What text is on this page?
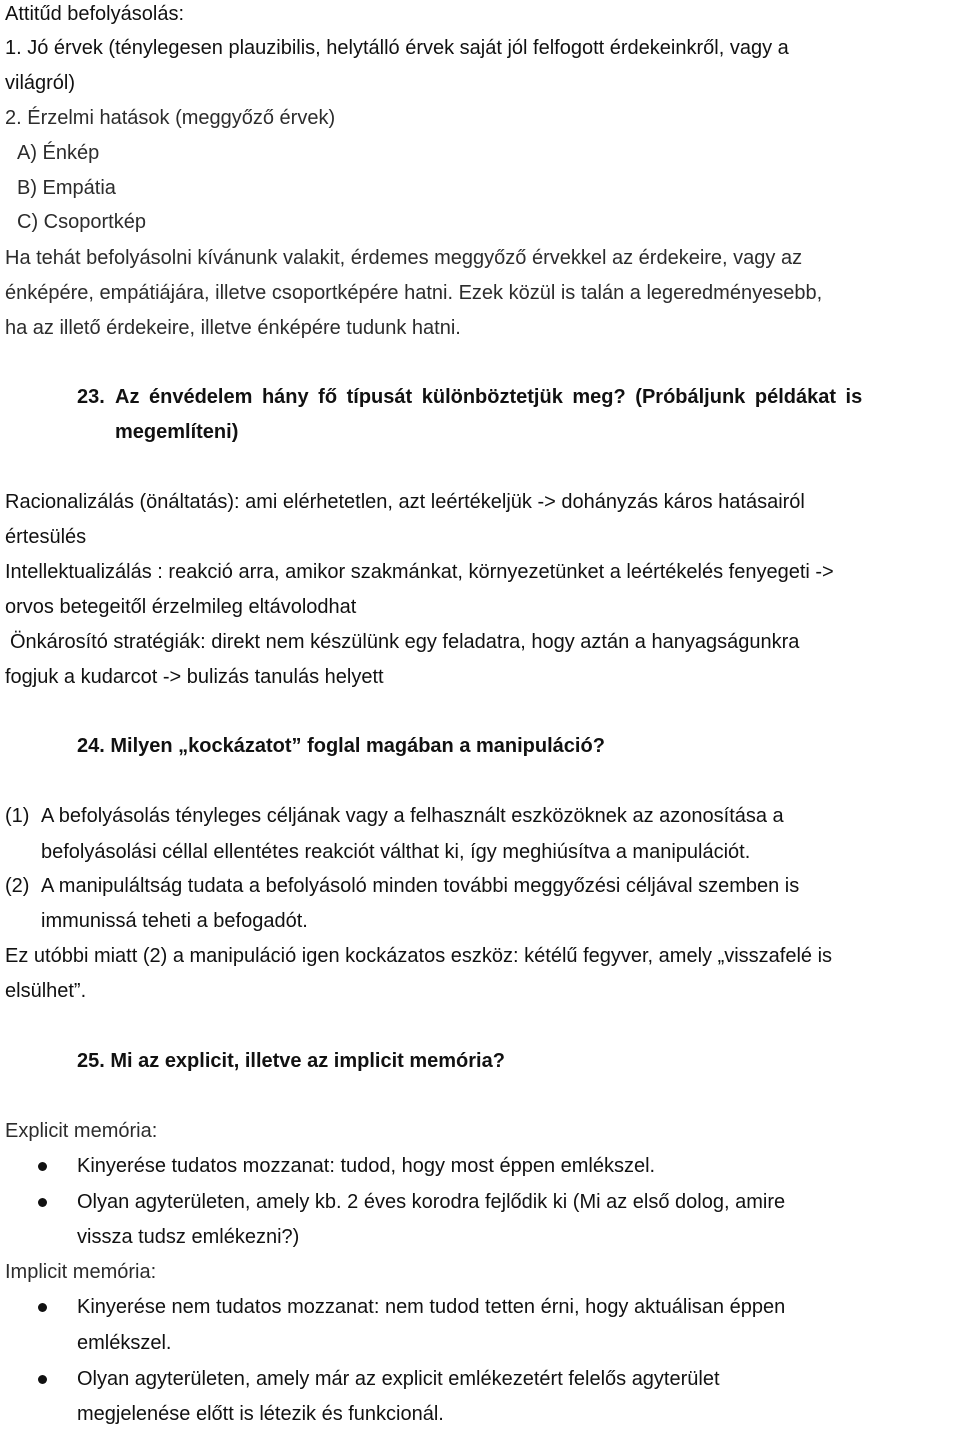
Attitűd befolyásolás:
1. Jó érvek (ténylegesen plauzibilis, helytálló érvek saját jól felfogott érdekeinkről, vagy a
világról)
2. Érzelmi hatások (meggyőző érvek)
A) Énkép
B) Empátia
C) Csoportkép
Ha tehát befolyásolni kívánunk valakit, érdemes meggyőző érvekkel az érdekeire, vagy az
énképére, empátiájára, illetve csoportképére hatni. Ezek közül is talán a legeredményesebb,
ha az illető érdekeire, illetve énképére tudunk hatni.
23. Az énvédelem hány fő típusát különböztetjük meg? (Próbáljunk példákat is
megemlíteni)
Racionalizálás (önáltatás): ami elérhetetlen, azt leértékeljük -> dohányzás káros hatásairól
értesülés
Intellektualizálás : reakció arra, amikor szakmánkat, környezetünket a leértékelés fenyegeti ->
orvos betegeitől érzelmileg eltávolodhat
Önkárosító stratégiák: direkt nem készülünk egy feladatra, hogy aztán a hanyagságunkra
fogjuk a kudarcot -> bulizás tanulás helyett
24. Milyen „kockázatot” foglal magában a manipuláció?
(1) A befolyásolás tényleges céljának vagy a felhasznált eszközöknek az azonosítása a
befolyásolási céllal ellentétes reakciót válthat ki, így meghiúsítva a manipulációt.
(2) A manipuláltság tudata a befolyásoló minden további meggyőzési céljával szemben is
immunissá teheti a befogadót.
Ez utóbbi miatt (2) a manipuláció igen kockázatos eszköz: kétélű fegyver, amely „visszafelé is
elsülhet”.
25. Mi az explicit, illetve az implicit memória?
Explicit memória:
Kinyerése tudatos mozzanat: tudod, hogy most éppen emlékszel.
Olyan agyterületen, amely kb. 2 éves korodra fejlődik ki (Mi az első dolog, amire
vissza tudsz emlékezni?)
Implicit memória:
Kinyerése nem tudatos mozzanat: nem tudod tetten érni, hogy aktuálisan éppen
emlékszel.
Olyan agyterületen, amely már az explicit emlékezetért felelős agyterület
megjelenése előtt is létezik és funkcionál.
